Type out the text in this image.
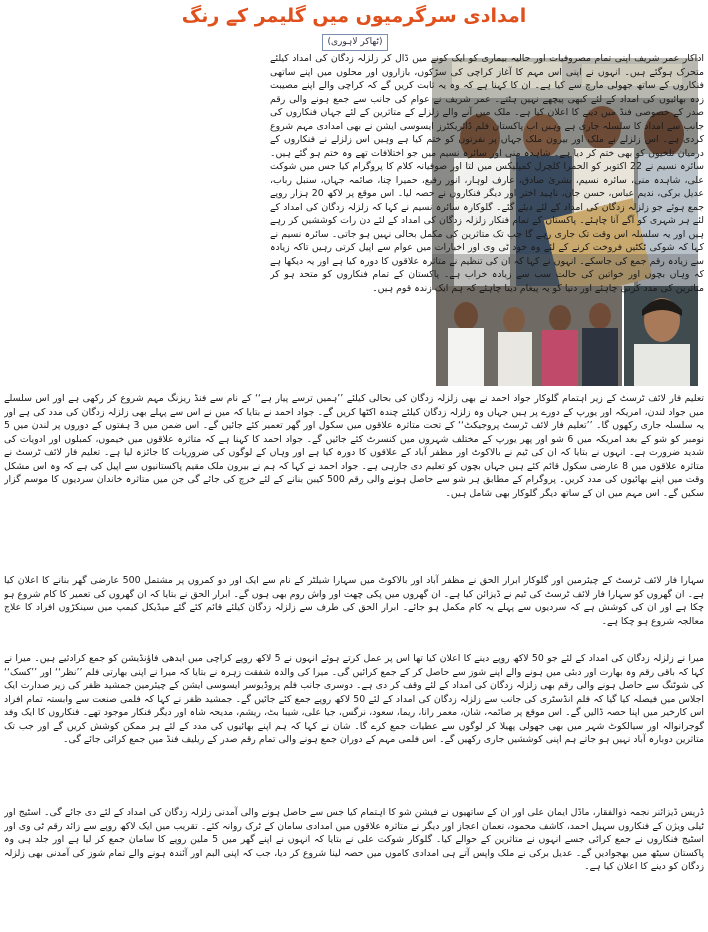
امدادی سرگرمیوں میں گلیمر کے رنگ
(ٹھاکر لاہوری)

اداکار عمر شریف اپنی تمام مصروفیات اور حالیہ بیماری کو ایک کونے میں ڈال کر زلزلہ زدگان کی امداد کیلئے متحرک ہوگئے ہیں۔ انہوں نے اپنی اس مہم کا آغاز کراچی کی سڑکوں، بازاروں اور محلوں میں اپنے ساتھی فنکاروں کے ساتھ جھولی مارچ سے کیا ہے۔ ان کا کہنا ہے کہ وہ یہ ثابت کریں گے کہ کراچی والے اپنے مصیبت زدہ بھائیوں کی امداد کے لئے کبھی پیچھے نہیں ہٹتے۔ عمر شریف نے عوام کی جانب سے جمع ہونے والی رقم صدر کے خصوصی فنڈ میں دینے کا اعلان کیا ہے۔ ملک میں آنے والے زلزلے کے متاثرین کے لئے جہاں فنکاروں کی جانب سے امداد کا سلسلہ جاری ہے وہیں اب پاکستان فلم ڈائریکٹرز ایسوسی ایشن نے بھی امدادی مہم شروع کردی ہے۔ اس زلزلے نے ملک اور بیرون ملک جہاں پر نفرتوں کو ختم کیا ہے وہیں اس زلزلے نے فنکاروں کے درمیان تلخیوں کو بھی ختم کر دیا ہے۔ شاہدہ منی اور سائرہ نسیم میں جو اختلافات تھے وہ ختم ہو گئے ہیں۔ سائرہ نسیم نے 22 اکتوبر کو الحمرا کلچرل کمپلیکس میں لتا اور صوفیانہ کلام کا پروگرام کیا جس میں شوکت علی، شاہدہ منی، سائرہ نسیم، بشریٰ صادق، عارف لوہار، انور رفیع، حمیرا چنا، صائمہ جہاں، سنبل رباب، عدیل برکی، ندیم عباس، حسن جان، ناہید اختر اور دیگر فنکاروں نے حصہ لیا۔ اس موقع پر لاکھ 20 ہزار روپے جمع ہوئے جو زلزلہ زدگان کی امداد کے لئے دیئے گئے۔ گلوکارہ سائرہ نسیم نے کہا کہ زلزلہ زدگان کی امداد کے لئے ہر شہری کو آگے آنا چاہئے۔ پاکستان کے تمام فنکار زلزلہ زدگان کی امداد کے لئے دن رات کوششیں کر رہے ہیں اور یہ سلسلہ اس وقت تک جاری رہے گا جب تک متاثرین کی مکمل بحالی نہیں ہو جاتی۔ سائرہ نسیم نے کہا کہ شوکی ٹکٹیں فروخت کرنے کے لئے وہ خود ٹی وی اور اخبارات میں عوام سے اپیل کرتی رہیں تاکہ زیادہ سے زیادہ رقم جمع کی جاسکے۔ انہوں نے کہا کہ ان کی تنظیم نے متاثرہ علاقوں کا دورہ کیا ہے اور یہ دیکھا ہے کہ وہاں بچوں اور خواتین کی حالت سب سے زیادہ خراب ہے۔ پاکستان کے تمام فنکاروں کو متحد ہو کر متاثرین کی مدد کرنی چاہئے اور دنیا کو یہ پیغام دینا چاہئے کہ ہم ایک زندہ قوم ہیں۔

تعلیم فار لائف ٹرسٹ کے زیر اہتمام گلوکار جواد احمد نے بھی زلزلہ زدگان کی بحالی کیلئے ’’ہمیں ترسے پیار ہے‘‘ کے نام سے فنڈ ریزنگ مہم شروع کر رکھی ہے اور اس سلسلے میں جواد لندن، امریکہ اور یورپ کے دورے پر ہیں جہاں وہ زلزلہ زدگان کیلئے چندہ اکٹھا کریں گے۔ جواد احمد نے بتایا کہ میں نے اس سے پہلے بھی زلزلہ زدگان کی مدد کی ہے اور یہ سلسلہ جاری رکھوں گا۔ ’’تعلیم فار لائف ٹرسٹ پروجیکٹ‘‘ کے تحت متاثرہ علاقوں میں سکول اور گھر تعمیر کئے جائیں گے۔ اس ضمن میں 3 ہفتوں کے دوروں پر لندن میں 5 نومبر کو شو کے بعد امریکہ میں 6 شو اور پھر یورپ کے مختلف شہروں میں کنسرٹ کئے جائیں گے۔ جواد احمد کا کہنا ہے کہ متاثرہ علاقوں میں خیموں، کمبلوں اور ادویات کی شدید ضرورت ہے۔ انہوں نے بتایا کہ ان کی ٹیم نے بالاکوٹ اور مظفر آباد کے علاقوں کا دورہ کیا ہے اور وہاں کے لوگوں کی ضروریات کا جائزہ لیا ہے۔ تعلیم فار لائف ٹرسٹ نے متاثرہ علاقوں میں 8 عارضی سکول قائم کئے ہیں جہاں بچوں کو تعلیم دی جارہی ہے۔ جواد احمد نے کہا کہ ہم نے بیرون ملک مقیم پاکستانیوں سے اپیل کی ہے کہ وہ اس مشکل وقت میں اپنے بھائیوں کی مدد کریں۔ پروگرام کے مطابق ہر شو سے حاصل ہونے والی رقم 500 کیبن بنانے کے لئے خرچ کی جائے گی جن میں متاثرہ خاندان سردیوں کا موسم گزار سکیں گے۔ اس مہم میں ان کے ساتھ دیگر گلوکار بھی شامل ہیں۔

سہارا فار لائف ٹرسٹ کے چیئرمین اور گلوکار ابرار الحق نے مظفر آباد اور بالاکوٹ میں سہارا شیلٹر کے نام سے ایک اور دو کمروں پر مشتمل 500 عارضی گھر بنانے کا اعلان کیا ہے۔ ان گھروں کو سہارا فار لائف ٹرسٹ کی ٹیم نے ڈیزائن کیا ہے۔ ان گھروں میں پکی چھت اور واش روم بھی ہوں گے۔ ابرار الحق نے بتایا کہ ان گھروں کی تعمیر کا کام شروع ہو چکا ہے اور ان کی کوشش ہے کہ سردیوں سے پہلے یہ کام مکمل ہو جائے۔ ابرار الحق کی طرف سے زلزلہ زدگان کیلئے قائم کئے گئے میڈیکل کیمپ میں سینکڑوں افراد کا علاج معالجہ شروع ہو چکا ہے۔

میرا نے زلزلہ زدگان کی امداد کے لئے جو 50 لاکھ روپے دینے کا اعلان کیا تھا اس پر عمل کرتے ہوئے انہوں نے 5 لاکھ روپے کراچی میں ایدھی فاؤنڈیشن کو جمع کرادئیے ہیں۔ میرا نے کہا کہ باقی رقم وہ بھارت اور دبئی میں ہونے والے اپنے شوز سے حاصل کر کے جمع کرائیں گی۔ میرا کی والدہ شفقت زہرہ نے بتایا کہ میرا نے اپنی بھارتی فلم ’’نظر‘‘ اور ’’کسک‘‘ کی شوٹنگ سے حاصل ہونے والی رقم بھی زلزلہ زدگان کی امداد کے لئے وقف کر دی ہے۔ دوسری جانب فلم پروڈیوسر ایسوسی ایشن کے چیئرمین جمشید ظفر کی زیر صدارت ایک اجلاس میں فیصلہ کیا گیا کہ فلم انڈسٹری کی جانب سے زلزلہ زدگان کی امداد کے لئے 50 لاکھ روپے جمع کئے جائیں گے۔ جمشید ظفر نے کہا کہ فلمی صنعت سے وابستہ تمام افراد اس کارخیر میں اپنا حصہ ڈالیں گے۔ اس موقع پر صائمہ، شان، معمر رانا، ریما، سعود، نرگس، جیا علی، شیبا بٹ، ریشم، مدیحہ شاہ اور دیگر فنکار موجود تھے۔ فنکاروں کا ایک وفد گوجرانوالہ اور سیالکوٹ شہر میں بھی جھولی پھیلا کر لوگوں سے عطیات جمع کرے گا۔ شان نے کہا کہ ہم اپنے بھائیوں کی مدد کے لئے ہر ممکن کوشش کریں گے اور جب تک متاثرین دوبارہ آباد نہیں ہو جاتے ہم اپنی کوششیں جاری رکھیں گے۔ اس فلمی مہم کے دوران جمع ہونے والی تمام رقم صدر کے ریلیف فنڈ میں جمع کرائی جائے گی۔

ڈریس ڈیزائنر نجمہ ذوالفقار، ماڈل ایمان علی اور ان کے ساتھیوں نے فیشن شو کا اہتمام کیا جس سے حاصل ہونے والی آمدنی زلزلہ زدگان کی امداد کے لئے دی جائے گی۔ اسٹیج اور ٹیلی ویژن کے فنکاروں سہیل احمد، کاشف محمود، نعمان اعجاز اور دیگر نے متاثرہ علاقوں میں امدادی سامان کے ٹرک روانہ کئے۔ تقریب میں ایک لاکھ روپے سے زائد رقم ٹی وی اور اسٹیج فنکاروں نے جمع کرائی جسے انہوں نے متاثرین کے حوالے کیا۔ گلوکار شوکت علی نے بتایا کہ انہوں نے اپنے گھر میں 5 ملین روپے کا سامان جمع کر لیا ہے اور جلد ہی وہ پاکستان سیٹھ میں بھجوادیں گے۔ عدیل برکی نے ملک واپس آتے ہی امدادی کاموں میں حصہ لینا شروع کر دیا، جب کہ اپنی البم اور آئندہ ہونے والے تمام شوز کی آمدنی بھی زلزلہ زدگان کو دینے کا اعلان کیا ہے۔
